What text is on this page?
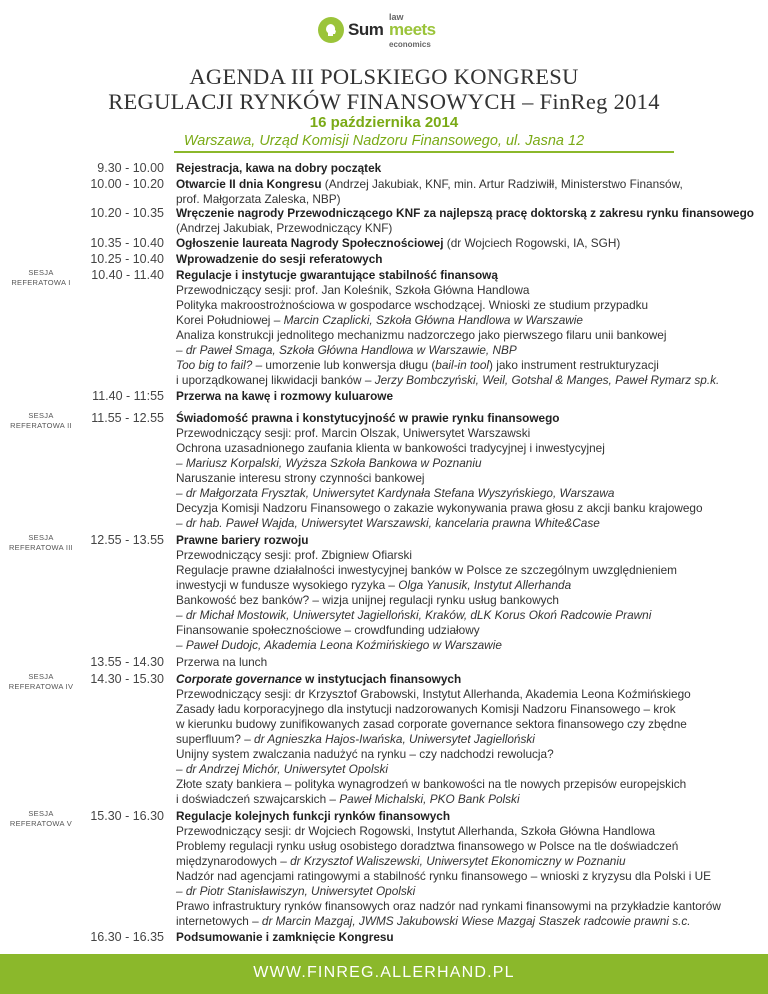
law
Sum meets
economics
AGENDA III POLSKIEGO KONGRESU
REGULACJI RYNKÓW FINANSOWYCH – FinReg 2014
16 października 2014
Warszawa, Urząd Komisji Nadzoru Finansowego, ul. Jasna 12
9.30 - 10.00 Rejestracja, kawa na dobry początek
10.00 - 10.20 Otwarcie II dnia Kongresu (Andrzej Jakubiak, KNF, min. Artur Radziwiłł, Ministerstwo Finansów,
prof. Małgorzata Zaleska, NBP)
10.20 - 10.35 Wręczenie nagrody Przewodniczącego KNF za najlepszą pracę doktorską z zakresu rynku finansowego
(Andrzej Jakubiak, Przewodniczący KNF)
10.35 - 10.40 Ogłoszenie laureata Nagrody Społecznościowej (dr Wojciech Rogowski, IA, SGH)
10.25 - 10.40 Wprowadzenie do sesji referatowych
SESJA REFERATOWA I
10.40 - 11.40 Regulacje i instytucje gwarantujące stabilność finansową
Przewodniczący sesji: prof. Jan Koleśnik, Szkoła Główna Handlowa
Polityka makroostrożnościowa w gospodarce wschodzącej. Wnioski ze studium przypadku
Korei Południowej – Marcin Czaplicki, Szkoła Główna Handlowa w Warszawie
Analiza konstrukcji jednolitego mechanizmu nadzorczego jako pierwszego filaru unii bankowej
– dr Paweł Smaga, Szkoła Główna Handlowa w Warszawie, NBP
Too big to fail? – umorzenie lub konwersja długu (bail-in tool) jako instrument restrukturyzacji
i uporządkowanej likwidacji banków – Jerzy Bombczyński, Weil, Gotshal & Manges, Paweł Rymarz sp.k.
11.40 - 11:55 Przerwa na kawę i rozmowy kuluarowe
SESJA REFERATOWA II
11.55 - 12.55 Świadomość prawna i konstytucyjność w prawie rynku finansowego
Przewodniczący sesji: prof. Marcin Olszak, Uniwersytet Warszawski
Ochrona uzasadnionego zaufania klienta w bankowości tradycyjnej i inwestycyjnej
– Mariusz Korpalski, Wyższa Szkoła Bankowa w Poznaniu
Naruszanie interesu strony czynności bankowej
– dr Małgorzata Frysztak, Uniwersytet Kardynała Stefana Wyszyńskiego, Warszawa
Decyzja Komisji Nadzoru Finansowego o zakazie wykonywania prawa głosu z akcji banku krajowego
– dr hab. Paweł Wajda, Uniwersytet Warszawski, kancelaria prawna White&Case
SESJA REFERATOWA III
12.55 - 13.55 Prawne bariery rozwoju
Przewodniczący sesji: prof. Zbigniew Ofiarski
Regulacje prawne działalności inwestycyjnej banków w Polsce ze szczególnym uwzględnieniem
inwestycji w fundusze wysokiego ryzyka – Olga Yanusik, Instytut Allerhanda
Bankowość bez banków? – wizja unijnej regulacji rynku usług bankowych
– dr Michał Mostowik, Uniwersytet Jagielloński, Kraków, dLK Korus Okoń Radcowie Prawni
Finansowanie społecznościowe – crowdfunding udziałowy
– Paweł Dudojc, Akademia Leona Koźmińskiego w Warszawie
13.55 - 14.30 Przerwa na lunch
SESJA REFERATOWA IV
14.30 - 15.30 Corporate governance w instytucjach finansowych
Przewodniczący sesji: dr Krzysztof Grabowski, Instytut Allerhanda, Akademia Leona Koźmińskiego
Zasady ładu korporacyjnego dla instytucji nadzorowanych Komisji Nadzoru Finansowego – krok
w kierunku budowy zunifikowanych zasad corporate governance sektora finansowego czy zbędne
superfluum? – dr Agnieszka Hajos-Iwańska, Uniwersytet Jagielloński
Unijny system zwalczania nadużyć na rynku – czy nadchodzi rewolucja?
– dr Andrzej Michór, Uniwersytet Opolski
Złote szaty bankiera – polityka wynagrodzeń w bankowości na tle nowych przepisów europejskich
i doświadczeń szwajcarskich – Paweł Michalski, PKO Bank Polski
SESJA REFERATOWA V
15.30 - 16.30 Regulacje kolejnych funkcji rynków finansowych
Przewodniczący sesji: dr Wojciech Rogowski, Instytut Allerhanda, Szkoła Główna Handlowa
Problemy regulacji rynku usług osobistego doradztwa finansowego w Polsce na tle doświadczeń
międzynarodowych – dr Krzysztof Waliszewski, Uniwersytet Ekonomiczny w Poznaniu
Nadzór nad agencjami ratingowymi a stabilność rynku finansowego – wnioski z kryzysu dla Polski i UE
– dr Piotr Stanisławiszyn, Uniwersytet Opolski
Prawo infrastruktury rynków finansowych oraz nadzór nad rynkami finansowymi na przykładzie kantorów
internetowych – dr Marcin Mazgaj, JWMS Jakubowski Wiese Mazgaj Staszek radcowie prawni s.c.
16.30 - 16.35 Podsumowanie i zamknięcie Kongresu
WWW.FINREG.ALLERHAND.PL
